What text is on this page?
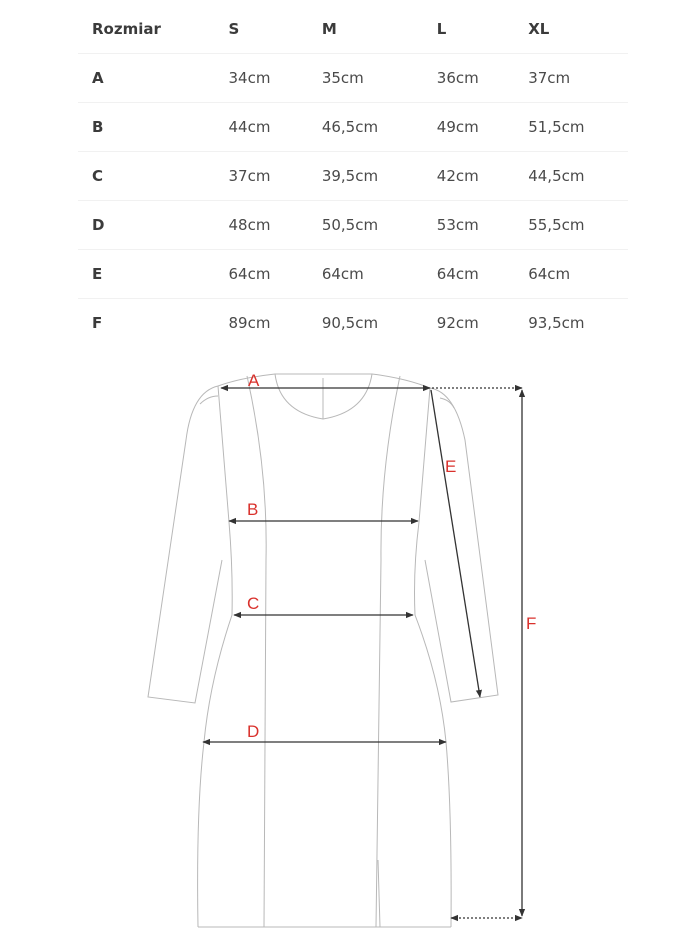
Rozmiar	S	M	L	XL
A	34cm	35cm	36cm	37cm
B	44cm	46,5cm	49cm	51,5cm
C	37cm	39,5cm	42cm	44,5cm
D	48cm	50,5cm	53cm	55,5cm
E	64cm	64cm	64cm	64cm
F	89cm	90,5cm	92cm	93,5cm
A
B
C
D
E
F
